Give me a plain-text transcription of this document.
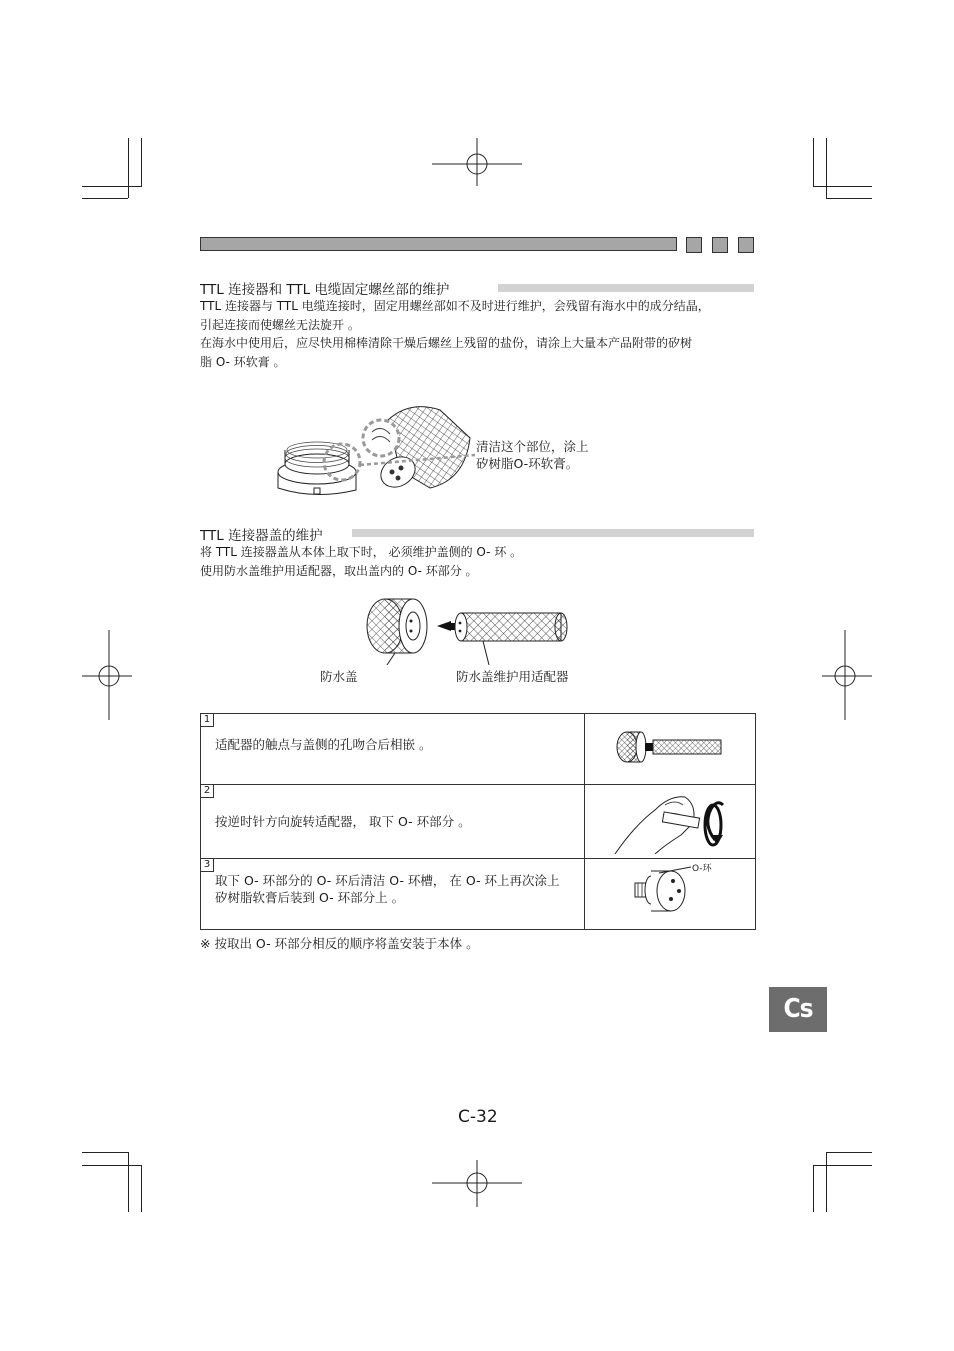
TTL 连接器和 TTL 电缆固定螺丝部的维护

TTL 连接器与 TTL 电缆连接时，固定用螺丝部如不及时进行维护，会残留有海水中的成分结晶，
引起连接而使螺丝无法旋开 。
在海水中使用后，应尽快用棉棒清除干燥后螺丝上残留的盐份，请涂上大量本产品附带的矽树
脂 O- 环软膏 。

清洁这个部位，涂上
矽树脂O-环软膏。
TTL 连接器盖的维护

将 TTL 连接器盖从本体上取下时， 必须维护盖侧的 O- 环 。
使用防水盖维护用适配器，取出盖内的 O- 环部分 。

防水盖	防水盖维护用适配器
1
适配器的触点与盖侧的孔吻合后相嵌 。

2
按逆时针方向旋转适配器， 取下 O- 环部分 。

3
取下 O- 环部分的 O- 环后清洁 O- 环槽， 在 O- 环上再次涂上
矽树脂软膏后装到 O- 环部分上 。	O-环
※ 按取出 O- 环部分相反的顺序将盖安装于本体 。
Cs
C-32
